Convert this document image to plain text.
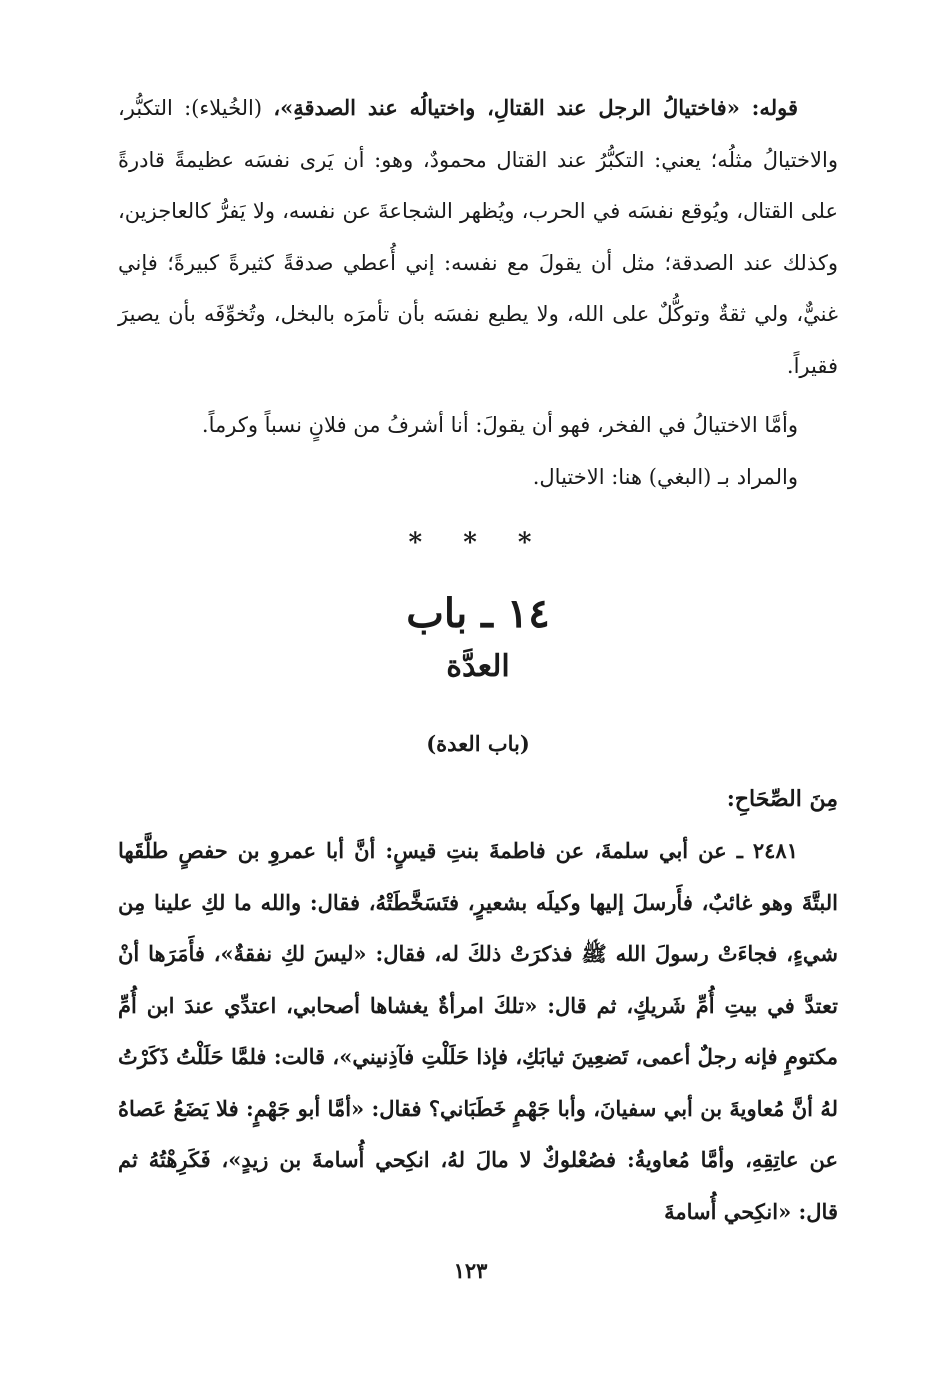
قوله: «فاختيالُ الرجل عند القتالِ، واختيالُه عند الصدقةِ»، (الخُيلاء): التكبُّر، والاختيالُ مثلُه؛ يعني: التكبُّرُ عند القتال محمودٌ، وهو: أن يَرى نفسَه عظيمةً قادرةً على القتال، ويُوقع نفسَه في الحرب، ويُظهر الشجاعةَ عن نفسه، ولا يَفرُّ كالعاجزين، وكذلك عند الصدقة؛ مثل أن يقولَ مع نفسه: إني أُعطي صدقةً كثيرةً كبيرةً؛ فإني غنيٌّ، ولي ثقةٌ وتوكُّلٌ على الله، ولا يطيع نفسَه بأن تأمرَه بالبخل، وتُخوِّفَه بأن يصيرَ فقيراً.

وأمَّا الاختيالُ في الفخر، فهو أن يقولَ: أنا أشرفُ من فلانٍ نسباً وكرماً.

والمراد بـ (البغي) هنا: الاختيال.

* * *
١٤ ـ باب
العدَّة
(باب العدة)
مِنَ الصِّحَاحِ:

٢٤٨١ ـ عن أبي سلمةَ، عن فاطمةَ بنتِ قيسٍ: أنَّ أبا عمروِ بن حفصٍ طلَّقَها البتَّةَ وهو غائبٌ، فأَرسلَ إليها وكيلَه بشعيرٍ، فتَسَخَّطَتْهُ، فقال: والله ما لكِ علينا مِن شيءٍ، فجاءَتْ رسولَ الله ﷺ فذكرَتْ ذلكَ له، فقال: «ليسَ لكِ نفقةٌ»، فأَمَرَها أنْ تعتدَّ في بيتِ أُمِّ شَريكٍ، ثم قال: «تلكَ امرأةٌ يغشاها أصحابي، اعتدِّي عندَ ابن أُمِّ مكتومٍ فإنه رجلٌ أعمى، تَضعِينَ ثيابَكِ، فإذا حَلَلْتِ فآذِنيني»، قالت: فلمَّا حَلَلْتُ ذَكَرْتُ لهُ أنَّ مُعاويةَ بن أبي سفيانَ، وأبا جَهْمٍ خَطَبَاني؟ فقال: «أمَّا أبو جَهْمٍ: فلا يَضَعُ عَصاهُ عن عاتِقِهِ، وأمَّا مُعاويةُ: فصُعْلوكٌ لا مالَ لهُ، انكِحي أُسامةَ بن زيدٍ»، فَكَرِهْتُهُ ثم قال: «انكِحي أُسامةَ

١٢٣
